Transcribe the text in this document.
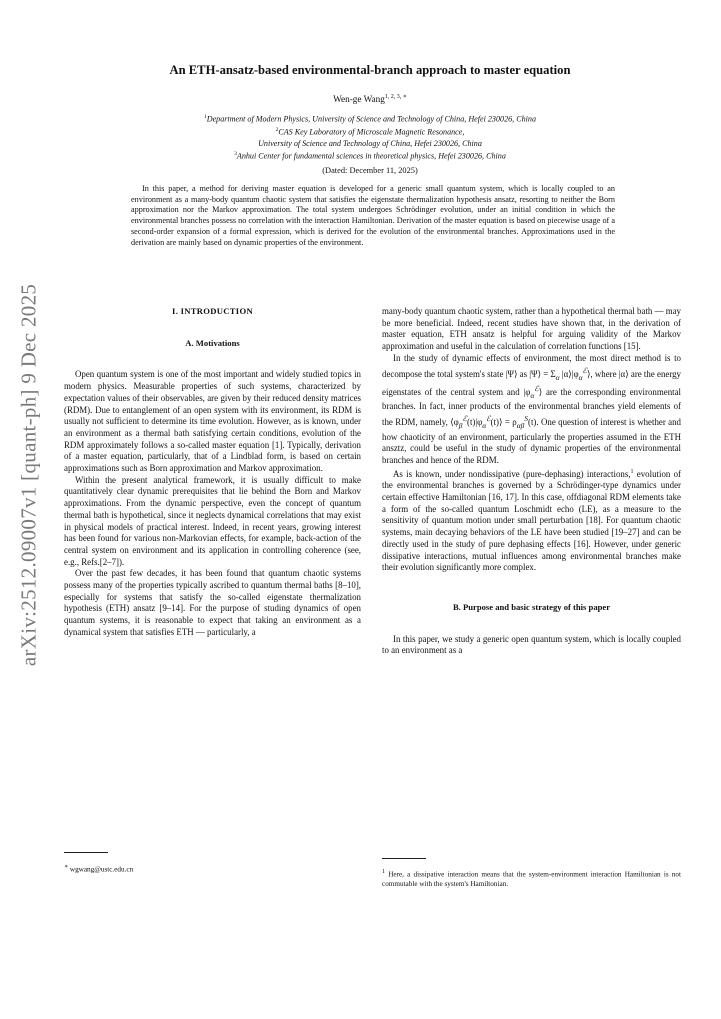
arXiv:2512.09007v1 [quant-ph] 9 Dec 2025
An ETH-ansatz-based environmental-branch approach to master equation
Wen-ge Wang$^{1, 2, 3, ∗}$
$^1$Department of Modern Physics, University of Science and Technology of China, Hefei 230026, China
$^2$CAS Key Laboratory of Microscale Magnetic Resonance,
University of Science and Technology of China, Hefei 230026, China
$^3$Anhui Center for fundamental sciences in theoretical physics, Hefei 230026, China
(Dated: December 11, 2025)
In this paper, a method for deriving master equation is developed for a generic small quantum system, which is locally coupled to an environment as a many-body quantum chaotic system that satisfies the eigenstate thermalization hypothesis ansatz, resorting to neither the Born approximation nor the Markov approximation. The total system undergoes Schrödinger evolution, under an initial condition in which the environmental branches possess no correlation with the interaction Hamiltonian. Derivation of the master equation is based on piecewise usage of a second-order expansion of a formal expression, which is derived for the evolution of the environmental branches. Approximations used in the derivation are mainly based on dynamic properties of the environment.
I. INTRODUCTION
A. Motivations

Open quantum system is one of the most important and widely studied topics in modern physics. Measurable properties of such systems, characterized by expectation values of their observables, are given by their reduced density matrices (RDM). Due to entanglement of an open system with its environment, its RDM is usually not sufficient to determine its time evolution. However, as is known, under an environment as a thermal bath satisfying certain conditions, evolution of the RDM approximately follows a so-called master equation [1]. Typically, derivation of a master equation, particularly, that of a Lindblad form, is based on certain approximations such as Born approximation and Markov approximation.

Within the present analytical framework, it is usually difficult to make quantitatively clear dynamic prerequisites that lie behind the Born and Markov approximations. From the dynamic perspective, even the concept of quantum thermal bath is hypothetical, since it neglects dynamical correlations that may exist in physical models of practical interest. Indeed, in recent years, growing interest has been found for various non-Markovian effects, for example, back-action of the central system on environment and its application in controlling coherence (see, e.g., Refs.[2–7]).

Over the past few decades, it has been found that quantum chaotic systems possess many of the properties typically ascribed to quantum thermal baths [8–10], especially for systems that satisfy the so-called eigenstate thermalization hypothesis (ETH) ansatz [9–14]. For the purpose of studing dynamics of open quantum systems, it is reasonable to expect that taking an environment as a dynamical system that satisfies ETH — particularly, a

many-body quantum chaotic system, rather than a hypothetical thermal bath — may be more beneficial. Indeed, recent studies have shown that, in the derivation of master equation, ETH ansatz is helpful for arguing validity of the Markov approximation and useful in the calculation of correlation functions [15].

In the study of dynamic effects of environment, the most direct method is to decompose the total system's state |Ψ⟩ as |Ψ⟩ = $\Sigma_\alpha$ $|\alpha⟩|\varphi_\alpha^ℰ⟩$, where |α⟩ are the energy eigenstates of the central system and $|\varphi_\alpha^ℰ⟩$ are the corresponding environmental branches. In fact, inner products of the environmental branches yield elements of the RDM, namely, $⟨\varphi_\beta^ℰ(t)|\varphi_\alpha^ℰ(t)⟩ = \rho_{\alpha\beta}^S(t)$. One question of interest is whether and how chaoticity of an environment, particularly the properties assumed in the ETH ansztz, could be useful in the study of dynamic properties of the environmental branches and hence of the RDM.

As is known, under nondissipative (pure-dephasing) interactions,$^1$ evolution of the environmental branches is governed by a Schrödinger-type dynamics under certain effective Hamiltonian [16, 17]. In this case, offdiagonal RDM elements take a form of the so-called quantum Loschmidt echo (LE), as a measure to the sensitivity of quantum motion under small perturbation [18]. For quantum chaotic systems, main decaying behaviors of the LE have been studied [19–27] and can be directly used in the study of pure dephasing effects [16]. However, under generic dissipative interactions, mutual influences among environmental branches make their evolution significantly more complex.

B. Purpose and basic strategy of this paper

In this paper, we study a generic open quantum system, which is locally coupled to an environment as a

∗ wgwang@ustc.edu.cn	$^1$ Here, a dissipative interaction means that the system-environment interaction Hamiltonian is not commutable with the system's Hamiltonian.
